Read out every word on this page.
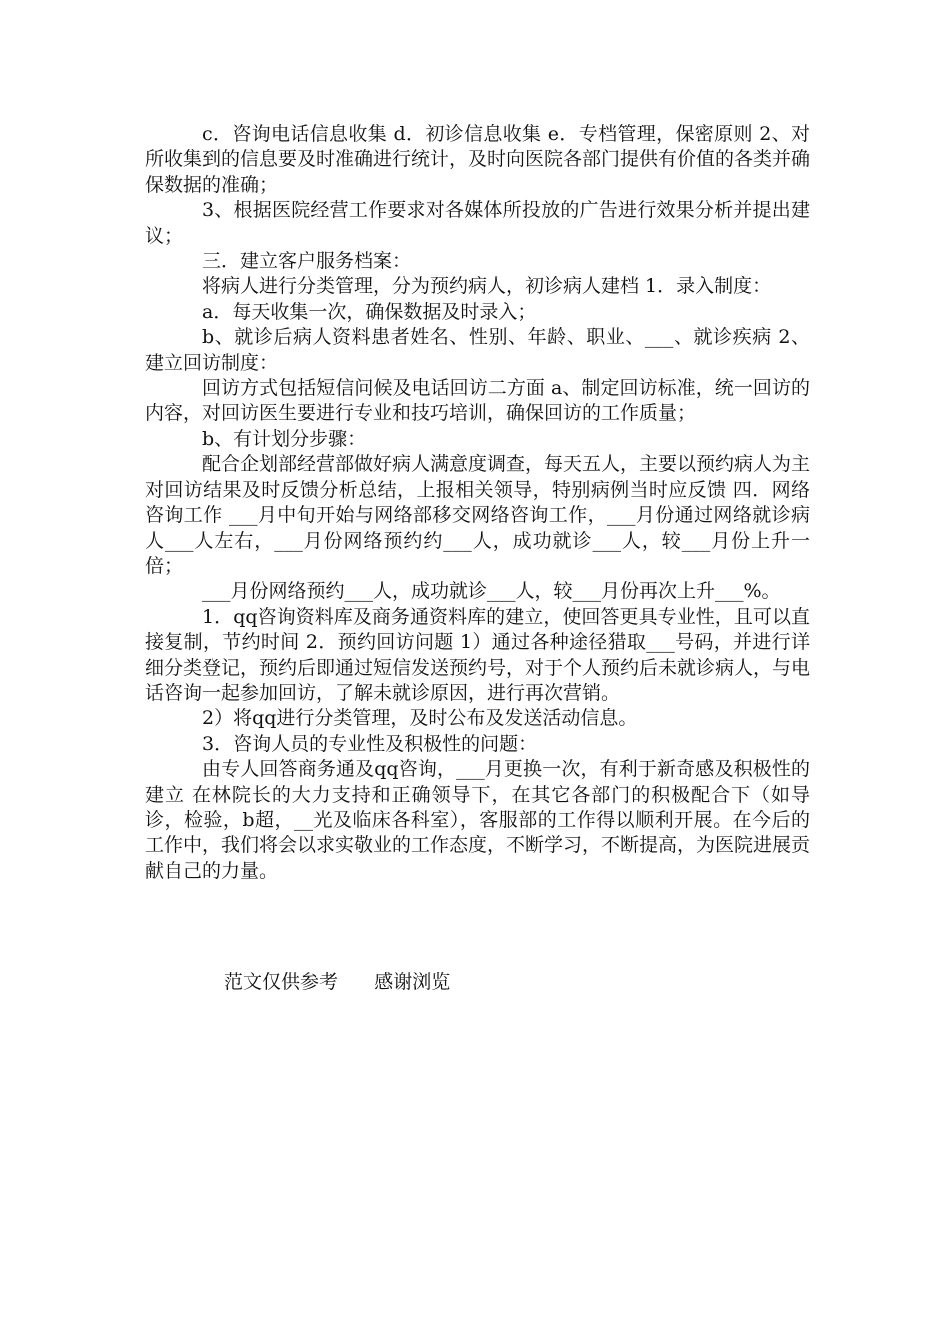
c．咨询电话信息收集 d．初诊信息收集 e．专档管理，保密原则 2、对所收集到的信息要及时准确进行统计，及时向医院各部门提供有价值的各类并确保数据的准确；

3、根据医院经营工作要求对各媒体所投放的广告进行效果分析并提出建议；

三．建立客户服务档案：

将病人进行分类管理，分为预约病人，初诊病人建档 1．录入制度：

a．每天收集一次，确保数据及时录入；

b、就诊后病人资料患者姓名、性别、年龄、职业、___、就诊疾病 2、建立回访制度：

回访方式包括短信问候及电话回访二方面 a、制定回访标准，统一回访的内容，对回访医生要进行专业和技巧培训，确保回访的工作质量；

b、有计划分步骤：

配合企划部经营部做好病人满意度调查，每天五人，主要以预约病人为主 对回访结果及时反馈分析总结，上报相关领导，特别病例当时应反馈 四．网络咨询工作 ___月中旬开始与网络部移交网络咨询工作，___月份通过网络就诊病人___人左右，___月份网络预约约___人，成功就诊___人，较___月份上升一倍；

___月份网络预约___人，成功就诊___人，较___月份再次上升___%。

1．qq咨询资料库及商务通资料库的建立，使回答更具专业性，且可以直接复制，节约时间 2．预约回访问题 1）通过各种途径猎取___号码，并进行详细分类登记，预约后即通过短信发送预约号，对于个人预约后未就诊病人，与电话咨询一起参加回访，了解未就诊原因，进行再次营销。

2）将qq进行分类管理，及时公布及发送活动信息。

3．咨询人员的专业性及积极性的问题：

由专人回答商务通及qq咨询，___月更换一次，有利于新奇感及积极性的建立 在林院长的大力支持和正确领导下，在其它各部门的积极配合下（如导诊，检验，b超，__光及临床各科室），客服部的工作得以顺利开展。在今后的工作中，我们将会以求实敬业的工作态度，不断学习，不断提高，为医院进展贡献自己的力量。

范文仅供参考      感谢浏览
